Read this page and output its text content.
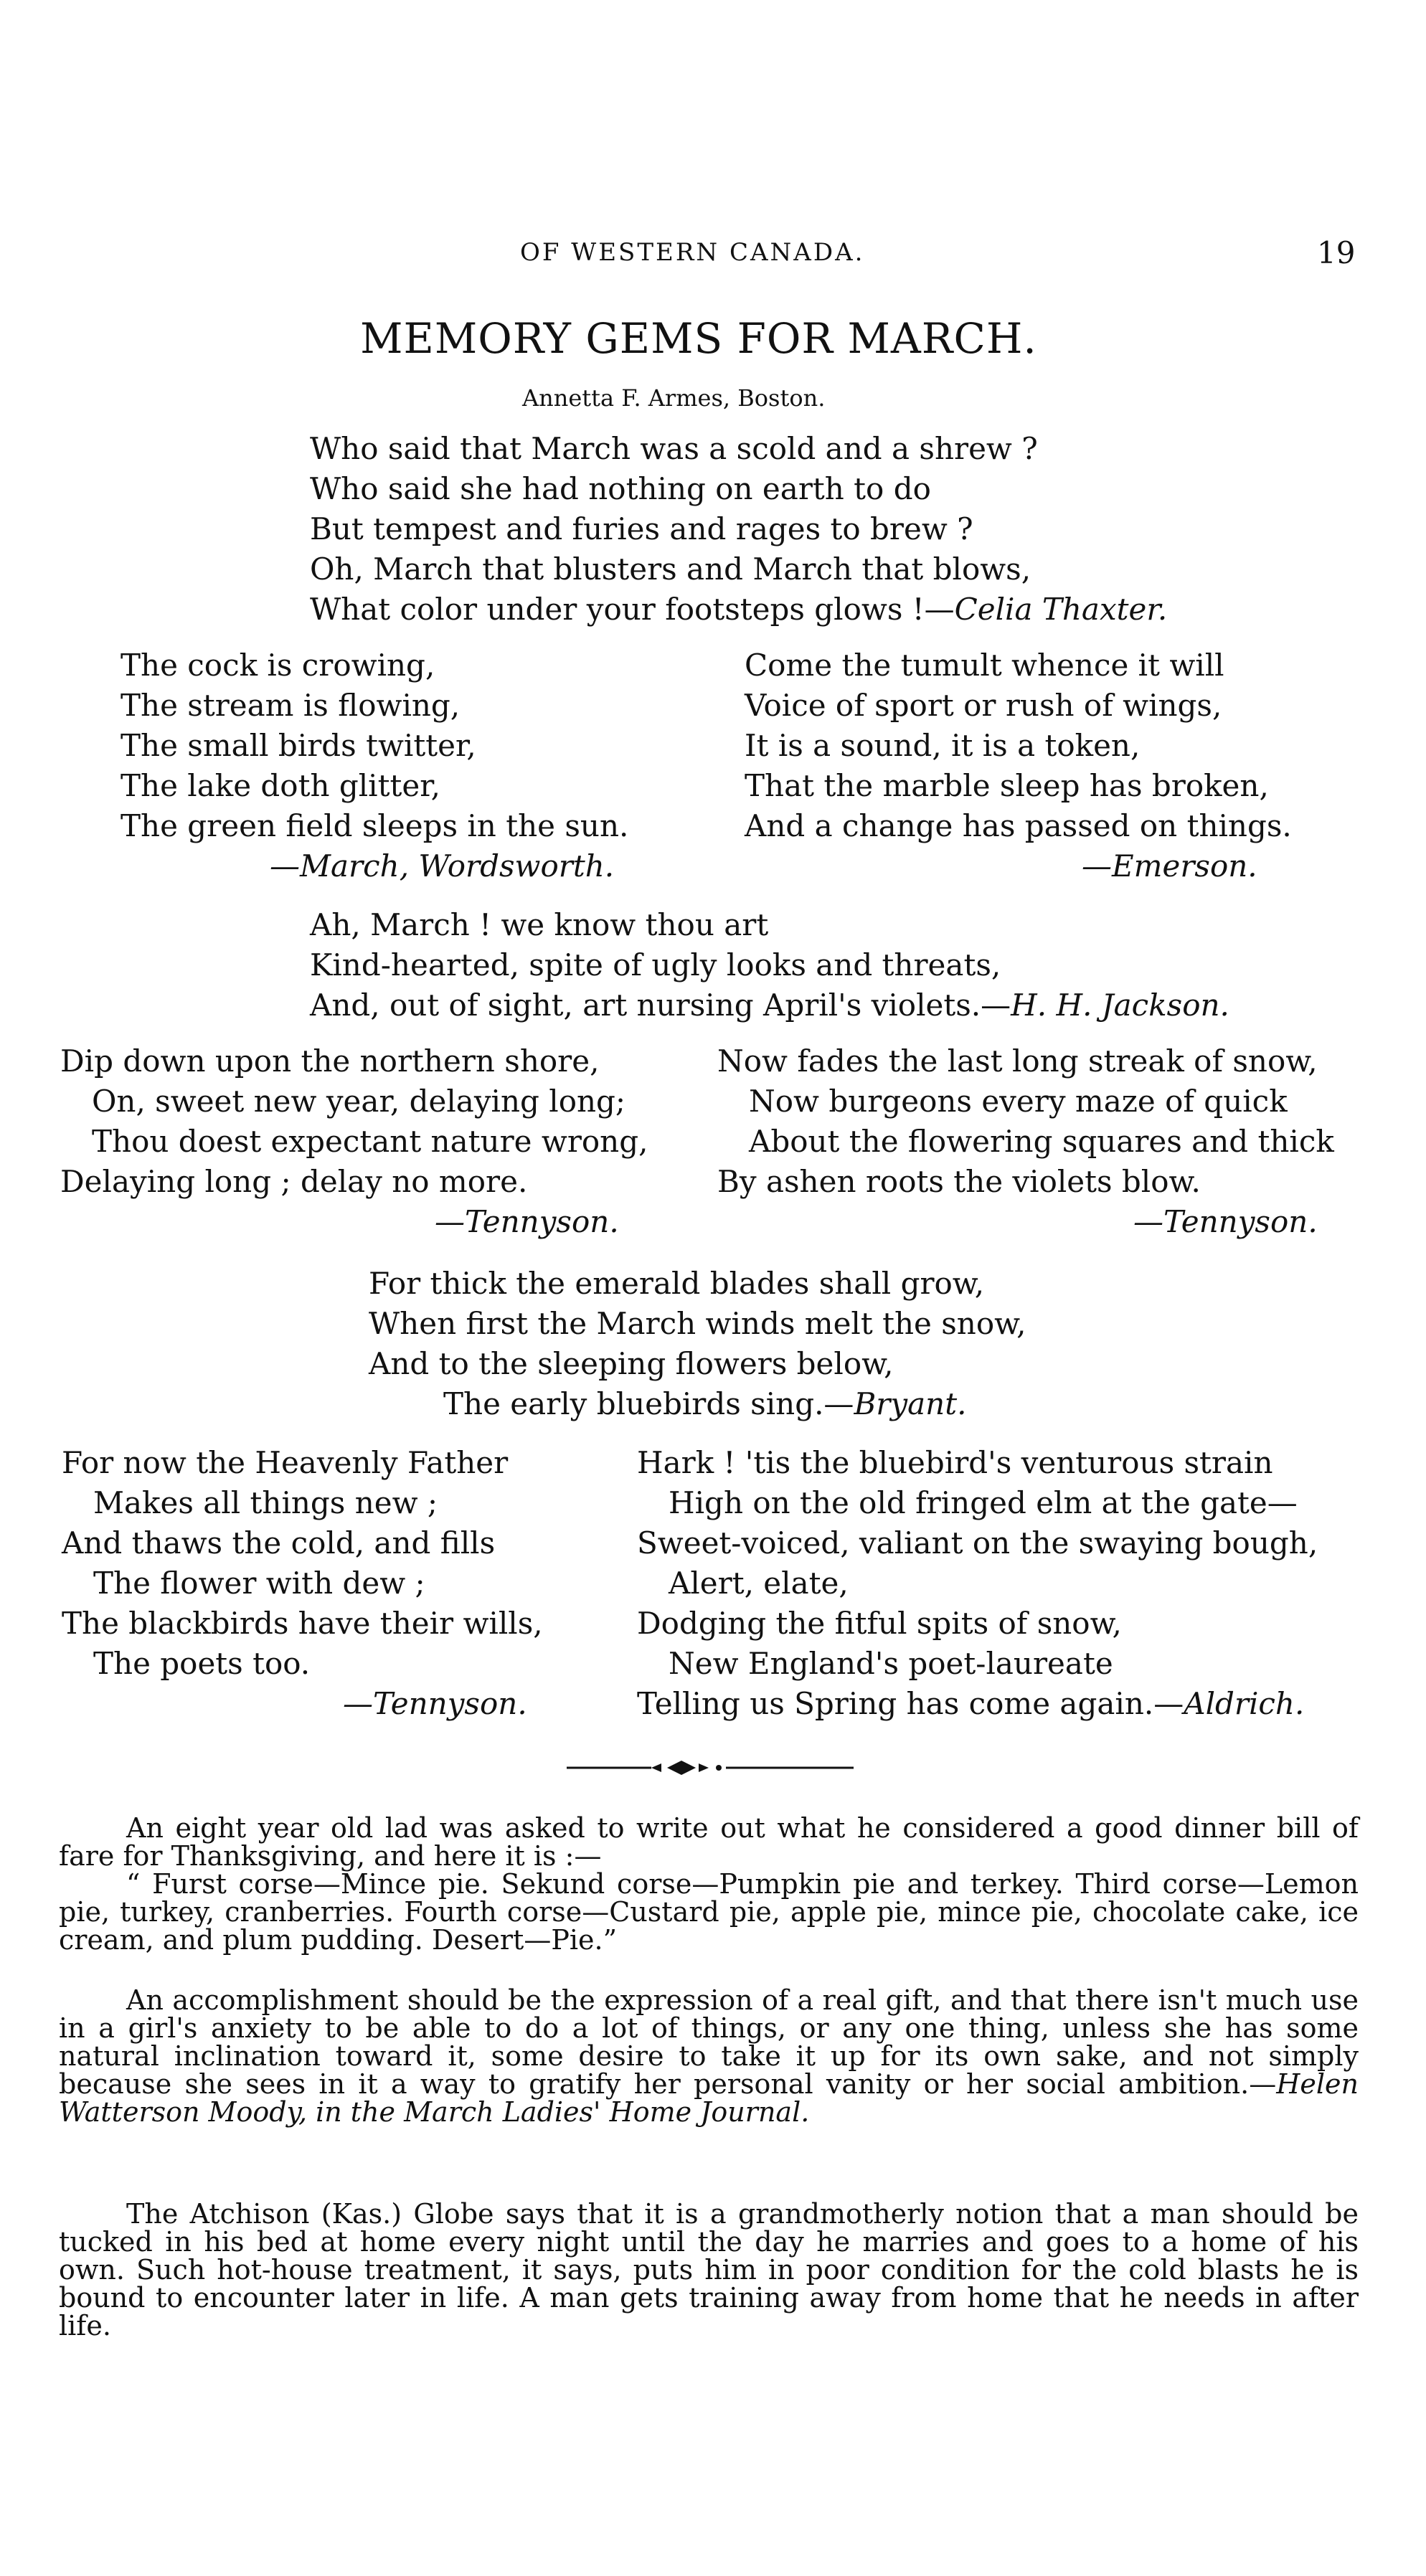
OF WESTERN CANADA.	19
MEMORY GEMS FOR MARCH.
Annetta F. Armes, Boston.
Who said that March was a scold and a shrew ?
Who said she had nothing on earth to do
But tempest and furies and rages to brew ?
Oh, March that blusters and March that blows,
What color under your footsteps glows !—Celia Thaxter.
The cock is crowing,
The stream is flowing,
The small birds twitter,
The lake doth glitter,
The green field sleeps in the sun.
—March, Wordsworth.
Come the tumult whence it will
Voice of sport or rush of wings,
It is a sound, it is a token,
That the marble sleep has broken,
And a change has passed on things.
—Emerson.
Ah, March ! we know thou art
Kind-hearted, spite of ugly looks and threats,
And, out of sight, art nursing April's violets.—H. H. Jackson.
Dip down upon the northern shore,
On, sweet new year, delaying long;
Thou doest expectant nature wrong,
Delaying long ; delay no more.
—Tennyson.
Now fades the last long streak of snow,
Now burgeons every maze of quick
About the flowering squares and thick
By ashen roots the violets blow.
—Tennyson.
For thick the emerald blades shall grow,
When first the March winds melt the snow,
And to the sleeping flowers below,
The early bluebirds sing.—Bryant.
For now the Heavenly Father
Makes all things new ;
And thaws the cold, and fills
The flower with dew ;
The blackbirds have their wills,
The poets too.
—Tennyson.
Hark ! 'tis the bluebird's venturous strain
High on the old fringed elm at the gate—
Sweet-voiced, valiant on the swaying bough,
Alert, elate,
Dodging the fitful spits of snow,
New England's poet-laureate
Telling us Spring has come again.—Aldrich.

An eight year old lad was asked to write out what he considered a good dinner bill of fare for Thanksgiving, and here it is :—

“ Furst corse—Mince pie. Sekund corse—Pumpkin pie and terkey. Third corse—Lemon pie, turkey, cranberries. Fourth corse—Custard pie, apple pie, mince pie, chocolate cake, ice cream, and plum pudding. Desert—Pie.”

An accomplishment should be the expression of a real gift, and that there isn't much use in a girl's anxiety to be able to do a lot of things, or any one thing, unless she has some natural inclination toward it, some desire to take it up for its own sake, and not simply because she sees in it a way to gratify her personal vanity or her social ambition.—Helen Watterson Moody, in the March Ladies' Home Journal.

The Atchison (Kas.) Globe says that it is a grandmotherly notion that a man should be tucked in his bed at home every night until the day he marries and goes to a home of his own. Such hot-house treatment, it says, puts him in poor condition for the cold blasts he is bound to encounter later in life. A man gets training away from home that he needs in after life.
